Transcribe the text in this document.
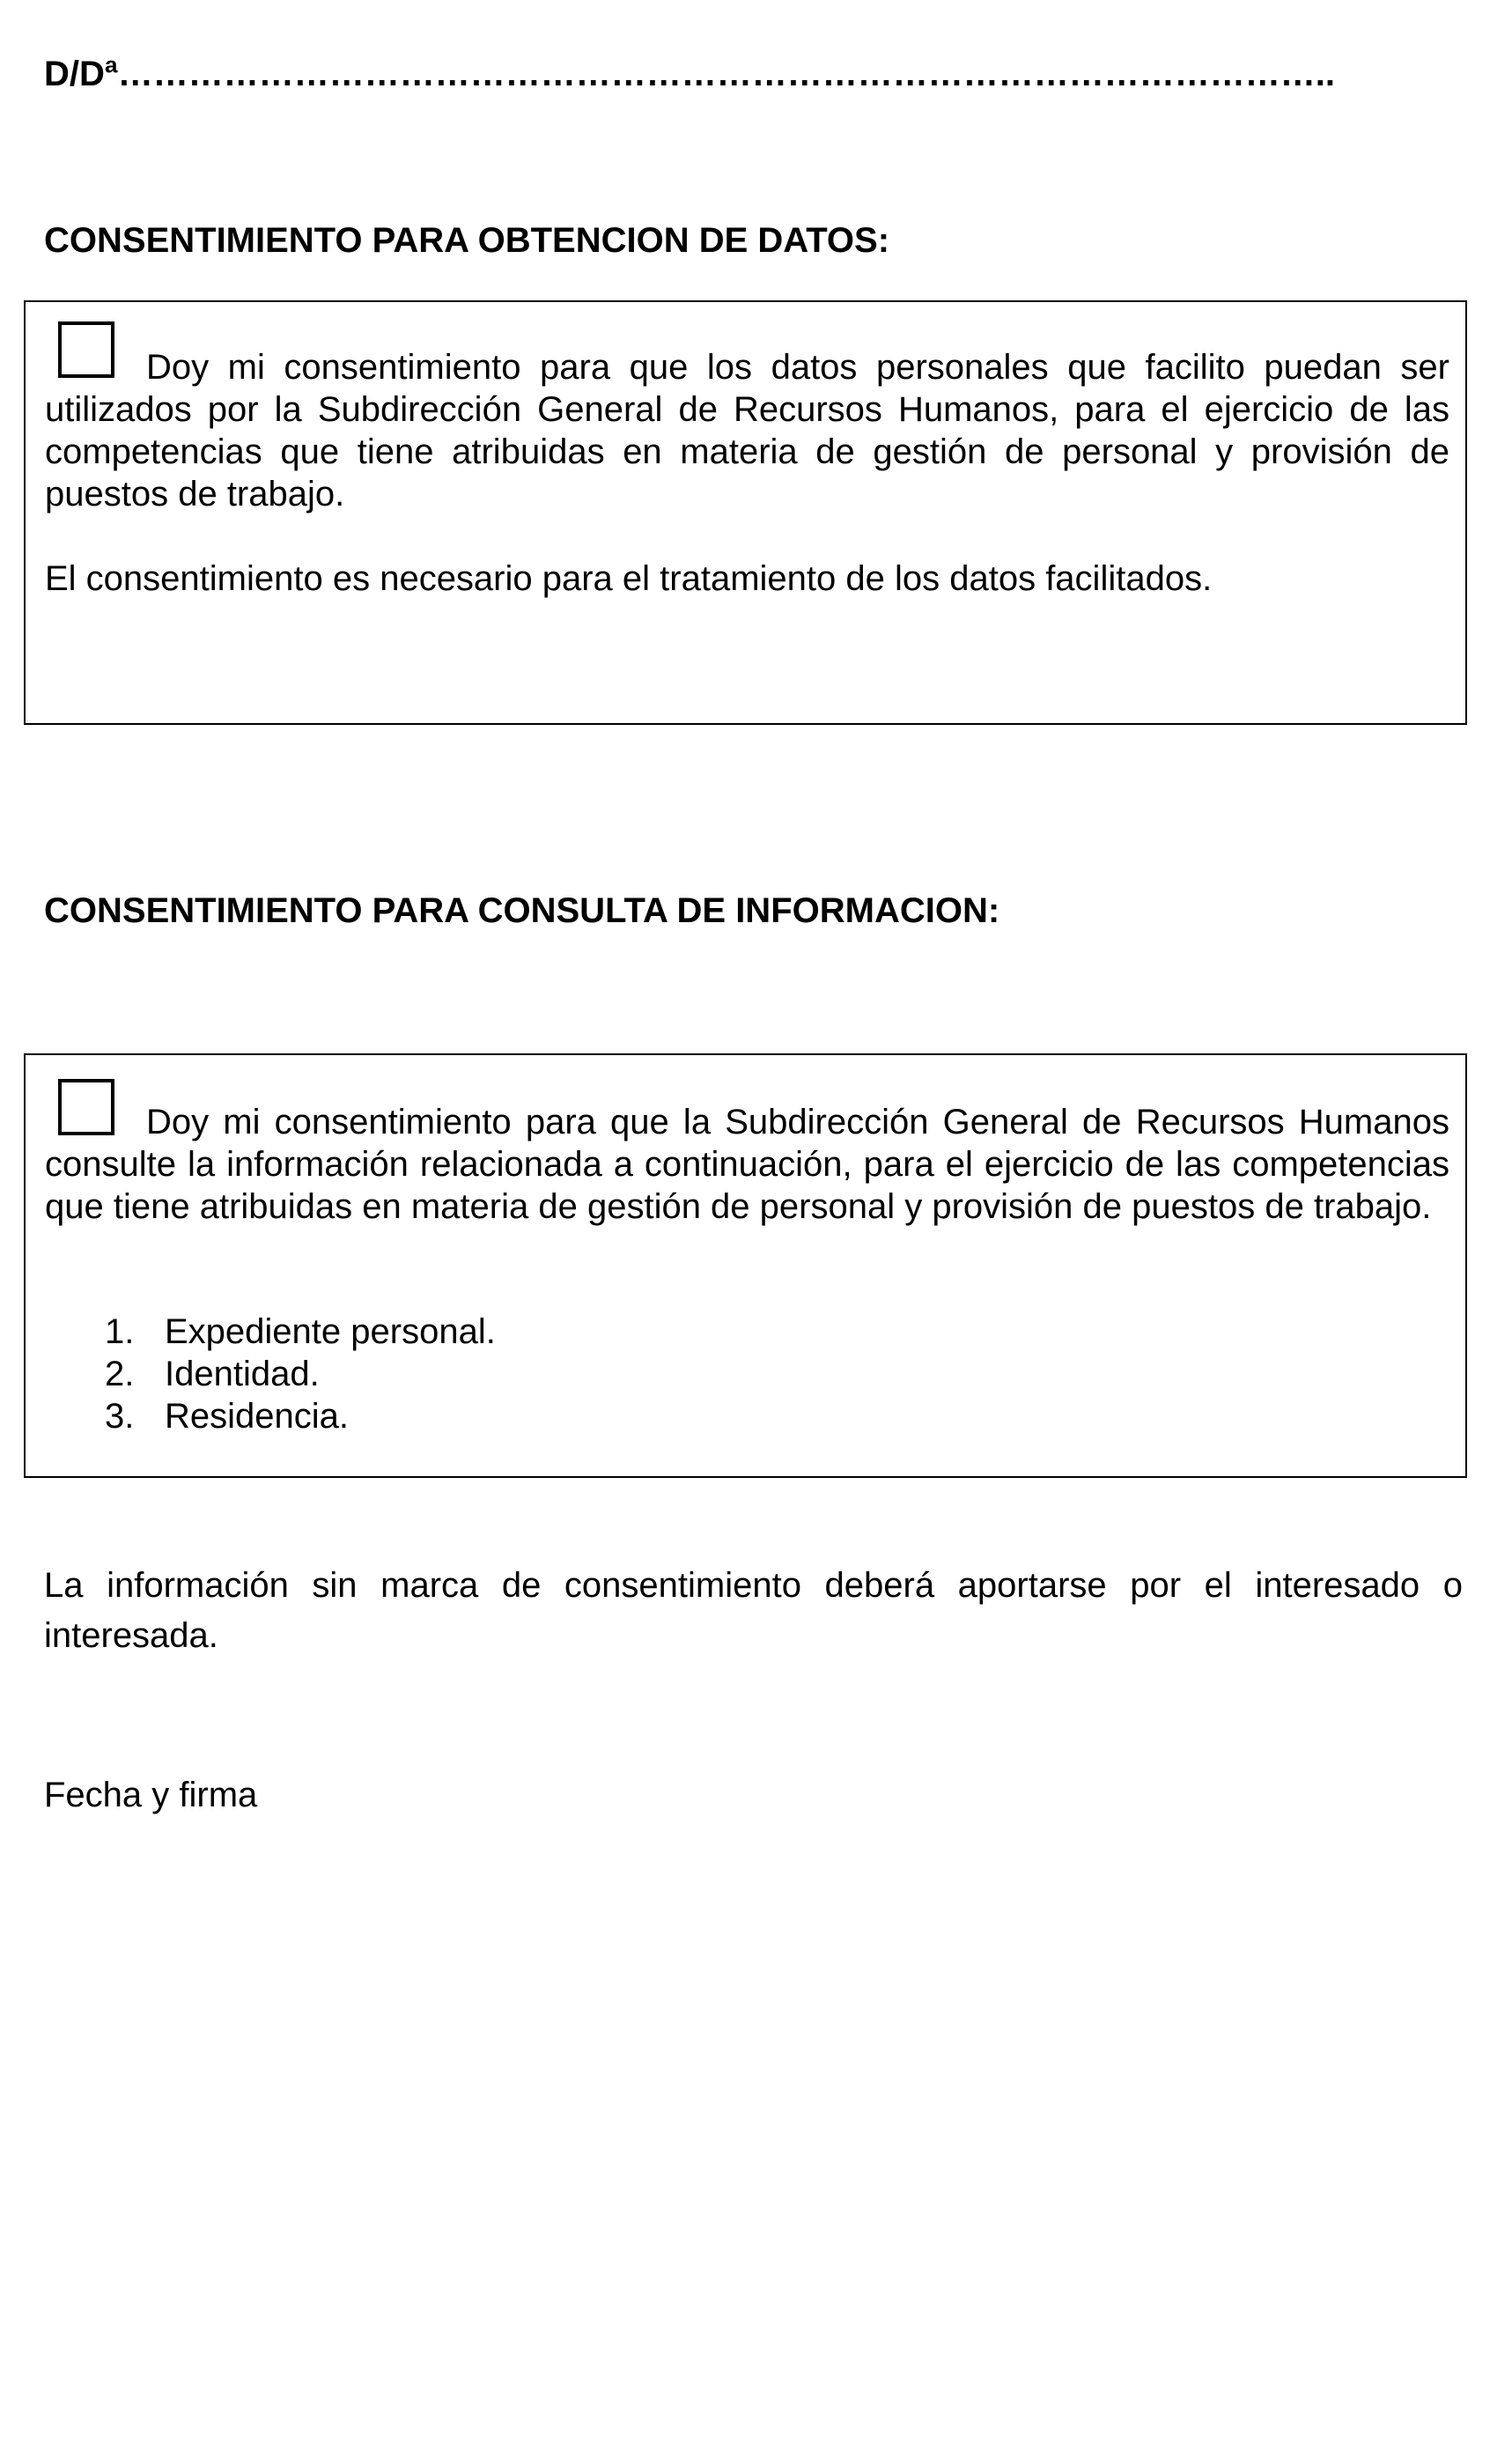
D/Dª…………………………………………………………………………………………..
CONSENTIMIENTO PARA OBTENCION DE DATOS:
Doy mi consentimiento para que los datos personales que facilito puedan ser utilizados por la Subdirección General de Recursos Humanos, para el ejercicio de las competencias que tiene atribuidas en materia de gestión de personal y provisión de puestos de trabajo.
El consentimiento es necesario para el tratamiento de los datos facilitados.
CONSENTIMIENTO PARA CONSULTA DE INFORMACION:
Doy mi consentimiento para que la Subdirección General de Recursos Humanos consulte la información relacionada a continuación, para el ejercicio de las competencias que tiene atribuidas en materia de gestión de personal y provisión de puestos de trabajo.
1. Expediente personal.
2. Identidad.
3. Residencia.
La información sin marca de consentimiento deberá aportarse por el interesado o interesada.
Fecha y firma
